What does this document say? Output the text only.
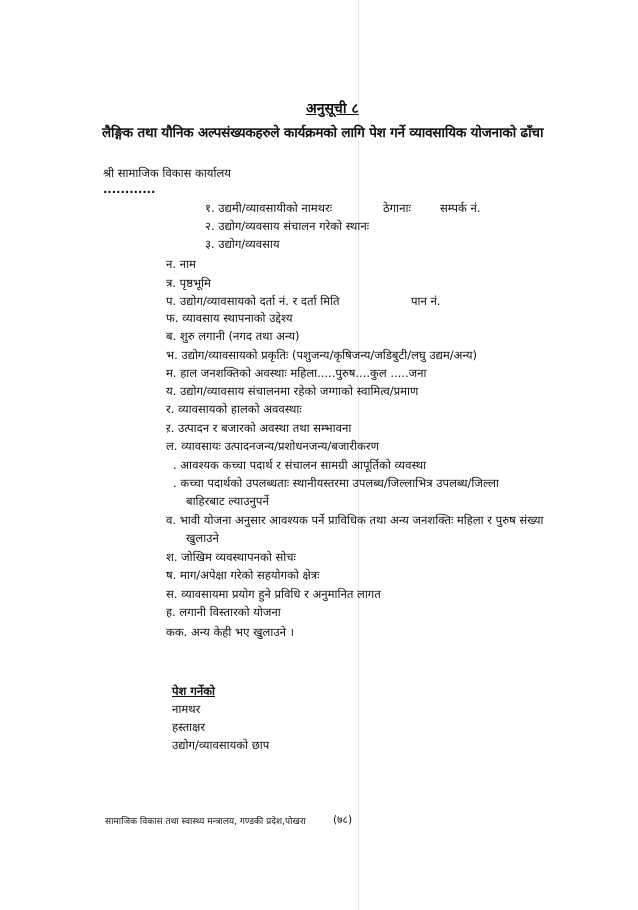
अनुसूची ८
लैङ्गिक तथा यौनिक अल्पसंख्यकहरुले कार्यक्रमको लागि पेश गर्ने व्यावसायिक योजनाको ढाँचा
श्री सामाजिक विकास कार्यालय
............
१. उद्यमी/व्यावसायीको नामथरः	ठेगानाः	सम्पर्क नं.
२. उद्योग/व्यवसाय संचालन गरेको स्थानः
३. उद्योग/व्यवसाय
न. नाम
त्र. पृष्ठभूमि
प. उद्योग/व्यावसायको दर्ता नं. र दर्ता मिति	पान नं.
फ. व्यावसाय स्थापनाको उद्देश्य
ब. शुरु लगानी (नगद तथा अन्य)
भ. उद्योग/व्यावसायको प्रकृतिः (पशुजन्य/कृषिजन्य/जडिबुटी/लघु उद्यम/अन्य)
म. हाल जनशक्तिको अवस्थाः महिला.....पुरुष....कुल .....जना
य. उद्योग/व्यावसाय संचालनमा रहेको जग्गाको स्वामित्व/प्रमाण
र. व्यावसायको हालको अववस्थाः
ऱ. उत्पादन र बजारको अवस्था तथा सम्भावना
ल. व्यावसायः उत्पादनजन्य/प्रशोधनजन्य/बजारीकरण
. आवश्यक कच्चा पदार्थ र संचालन सामग्री आपूर्तिको व्यवस्था
. कच्चा पदार्थको उपलब्धताः स्थानीयस्तरमा उपलब्ध/जिल्लाभित्र उपलब्ध/जिल्ला
बाहिरबाट ल्याउनुपर्ने
व. भावी योजना अनुसार आवश्यक पर्ने प्राविधिक तथा अन्य जनशक्तिः महिला र पुरुष संख्या
खुलाउने
श. जोखिम व्यवस्थापनको सोचः
ष. माग/अपेक्षा गरेको सहयोगको क्षेत्रः
स. व्यावसायमा प्रयोग हुने प्रविधि र अनुमानित लागत
ह. लगानी विस्तारको योजना
कक. अन्य केही भए खुलाउने ।
पेश गर्नेको
नामथर
हस्ताक्षर
उद्योग/व्यावसायको छाप
सामाजिक विकास तथा स्वास्थ्य मन्त्रालय, गण्डकी प्रदेश,पोखरा	(७८)
